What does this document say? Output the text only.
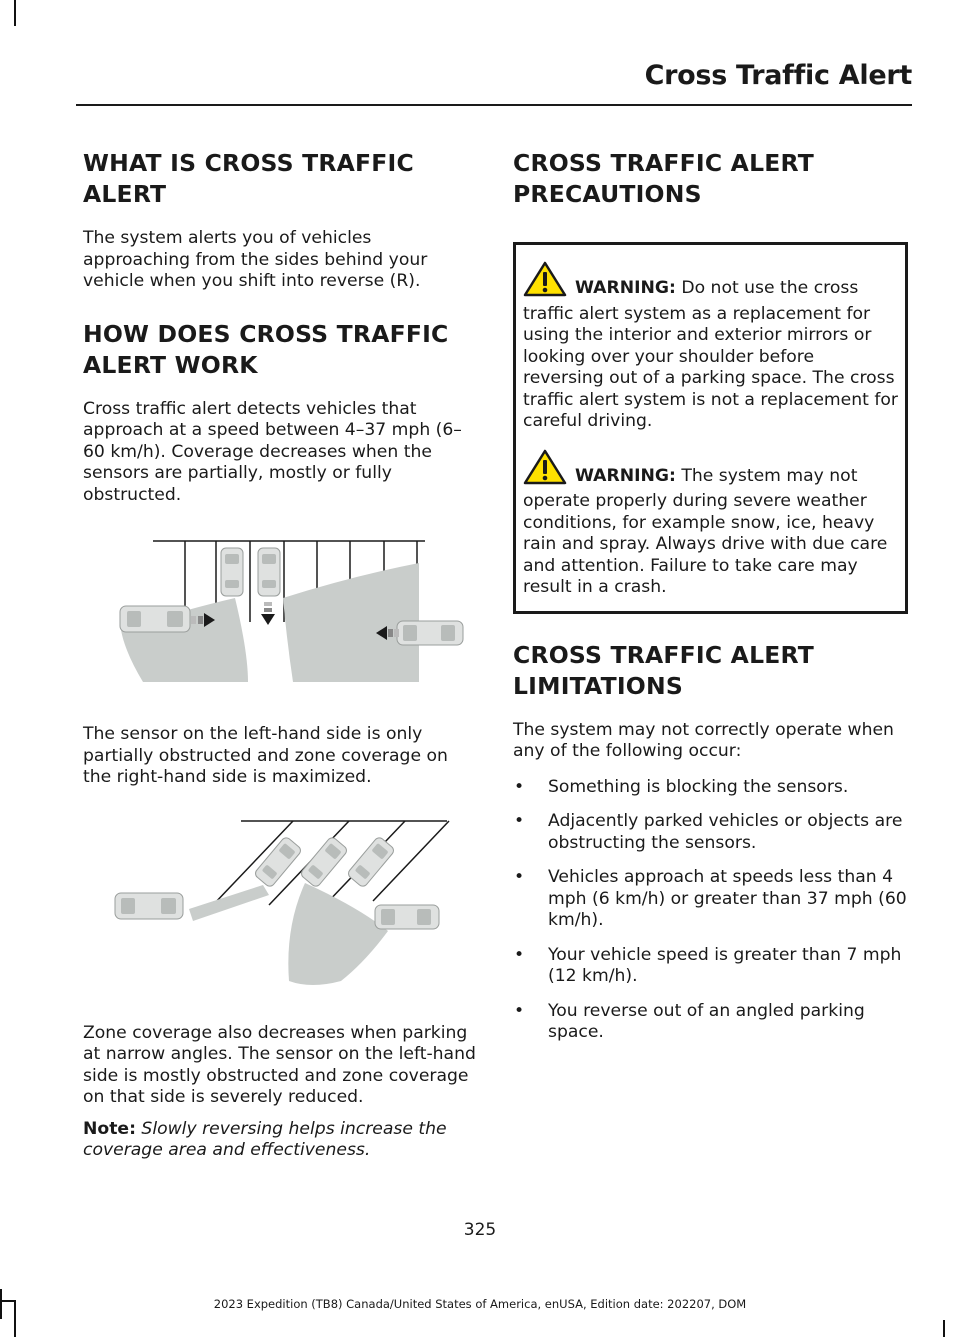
Cross Traffic Alert
WHAT IS CROSS TRAFFIC ALERT

The system alerts you of vehicles approaching from the sides behind your vehicle when you shift into reverse (R).

HOW DOES CROSS TRAFFIC ALERT WORK

Cross traffic alert detects vehicles that approach at a speed between 4–37 mph (6–60 km/h). Coverage decreases when the sensors are partially, mostly or fully obstructed.

The sensor on the left-hand side is only partially obstructed and zone coverage on the right-hand side is maximized.

Zone coverage also decreases when parking at narrow angles. The sensor on the left-hand side is mostly obstructed and zone coverage on that side is severely reduced.

Note: Slowly reversing helps increase the coverage area and effectiveness.

CROSS TRAFFIC ALERT PRECAUTIONS
WARNING: Do not use the cross traffic alert system as a replacement for using the interior and exterior mirrors or looking over your shoulder before reversing out of a parking space. The cross traffic alert system is not a replacement for careful driving.
WARNING: The system may not operate properly during severe weather conditions, for example snow, ice, heavy rain and spray. Always drive with due care and attention. Failure to take care may result in a crash.
CROSS TRAFFIC ALERT LIMITATIONS

The system may not correctly operate when any of the following occur:

• Something is blocking the sensors.
• Adjacently parked vehicles or objects are obstructing the sensors.
• Vehicles approach at speeds less than 4 mph (6 km/h) or greater than 37 mph (60 km/h).
• Your vehicle speed is greater than 7 mph (12 km/h).
• You reverse out of an angled parking space.
325
2023 Expedition (TB8) Canada/United States of America, enUSA, Edition date: 202207, DOM
